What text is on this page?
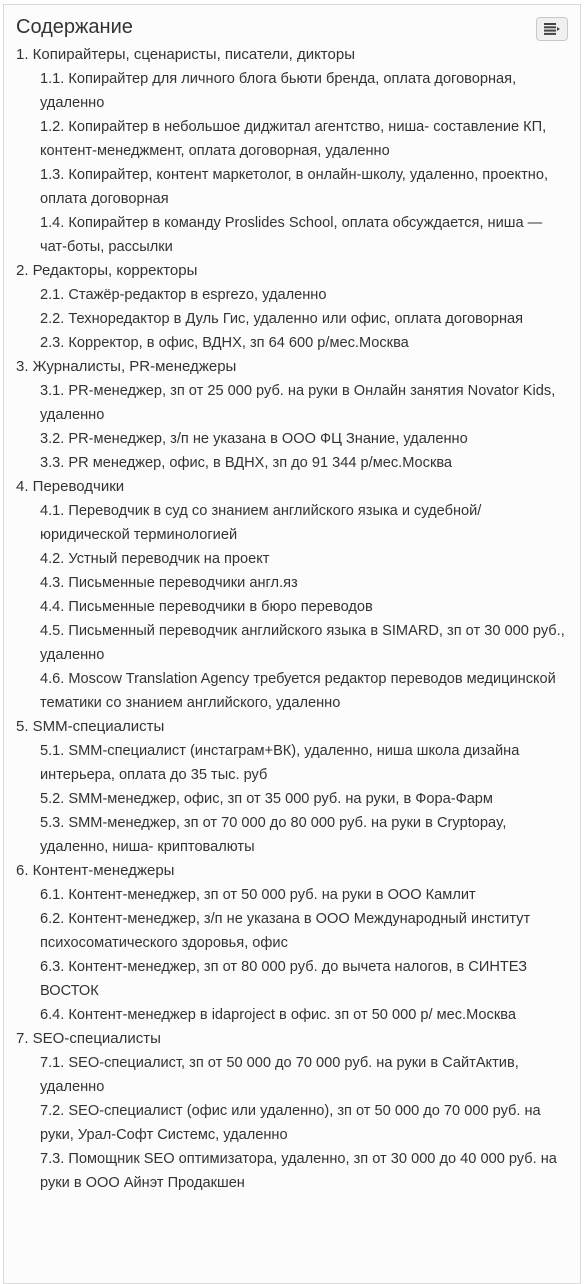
Содержание
1. Копирайтеры, сценаристы, писатели, дикторы
1.1. Копирайтер для личного блога бьюти бренда, оплата договорная, удаленно
1.2. Копирайтер в небольшое диджитал агентство, ниша- составление КП, контент-менеджмент, оплата договорная, удаленно
1.3. Копирайтер, контент маркетолог, в онлайн-школу, удаленно, проектно, оплата договорная
1.4. Копирайтер в команду Proslides School, оплата обсуждается, ниша — чат-боты, рассылки
2. Редакторы, корректоры
2.1. Стажёр-редактор в esprezo, удаленно
2.2. Техноредактор в Дуль Гис, удаленно или офис, оплата договорная
2.3. Корректор, в офис, ВДНХ, зп 64 600 р/мес.Москва
3. Журналисты, PR-менеджеры
3.1. PR-менеджер, зп от 25 000 руб. на руки в Онлайн занятия Novator Kids, удаленно
3.2. PR-менеджер, з/п не указана в ООО ФЦ Знание, удаленно
3.3. PR менеджер, офис, в ВДНХ, зп до 91 344 р/мес.Москва
4. Переводчики
4.1. Переводчик в суд со знанием английского языка и судебной/ юридической терминологией
4.2. Устный переводчик на проект
4.3. Письменные переводчики англ.яз
4.4. Письменные переводчики в бюро переводов
4.5. Письменный переводчик английского языка в SIMARD, зп от 30 000 руб., удаленно
4.6. Moscow Translation Agency требуется редактор переводов медицинской тематики со знанием английского, удаленно
5. SMM-специалисты
5.1. SMM-специалист (инстаграм+ВК), удаленно, ниша школа дизайна интерьера, оплата до 35 тыс. руб
5.2. SMM-менеджер, офис, зп от 35 000 руб. на руки, в Фора-Фарм
5.3. SMM-менеджер, зп от 70 000 до 80 000 руб. на руки в Cryptopay, удаленно, ниша- криптовалюты
6. Контент-менеджеры
6.1. Контент-менеджер, зп от 50 000 руб. на руки в ООО Камлит
6.2. Контент-менеджер, з/п не указана в ООО Международный институт психосоматического здоровья, офис
6.3. Контент-менеджер, зп от 80 000 руб. до вычета налогов, в СИНТЕЗ ВОСТОК
6.4. Контент-менеджер в idaproject в офис. зп от 50 000 р/ мес.Москва
7. SEO-специалисты
7.1. SEO-специалист, зп от 50 000 до 70 000 руб. на руки в СайтАктив, удаленно
7.2. SEO-специалист (офис или удаленно), зп от 50 000 до 70 000 руб. на руки, Урал-Софт Системс, удаленно
7.3. Помощник SEO оптимизатора, удаленно, зп от 30 000 до 40 000 руб. на руки в ООО Айнэт Продакшен
